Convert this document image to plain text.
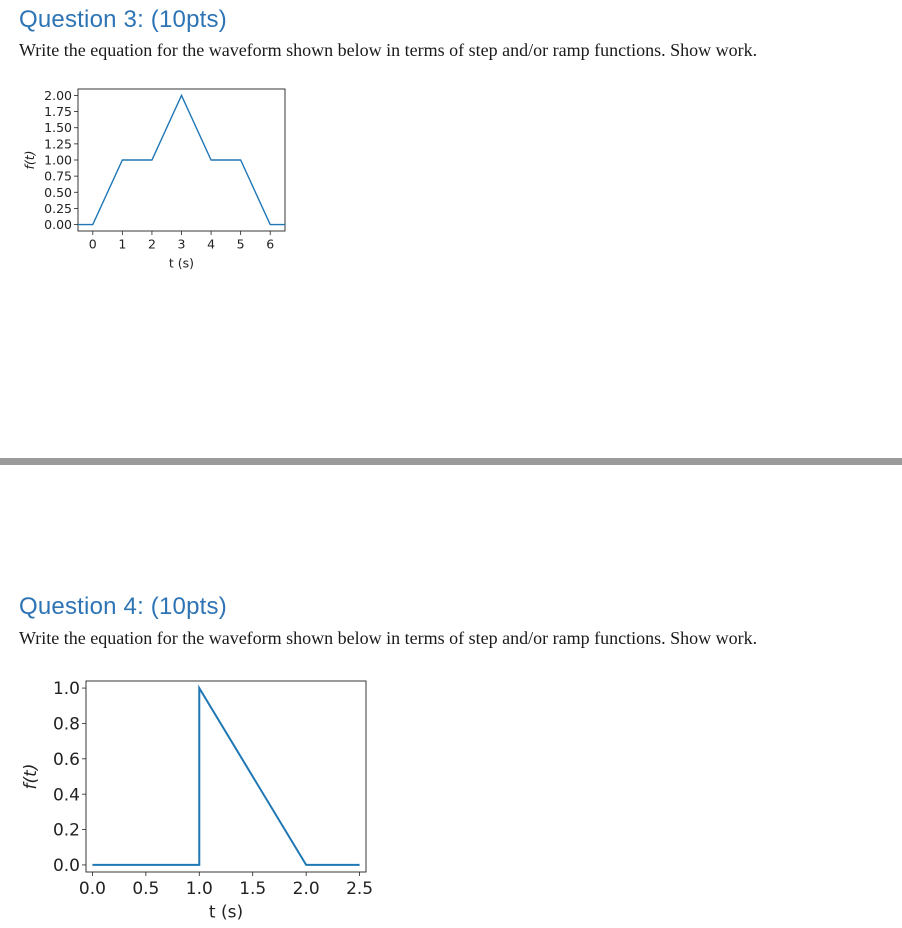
Question 3: (10pts)

Write the equation for the waveform shown below in terms of step and/or ramp functions. Show work.

0.00
0.25
0.50
0.75
1.00
1.25
1.50
1.75
2.00
0 1 2 3 4 5 6
t (s)
f(t)
Question 4: (10pts)

Write the equation for the waveform shown below in terms of step and/or ramp functions. Show work.

0.0
0.2
0.4
0.6
0.8
1.0
0.0 0.5 1.0 1.5 2.0 2.5
t (s)
f(t)
